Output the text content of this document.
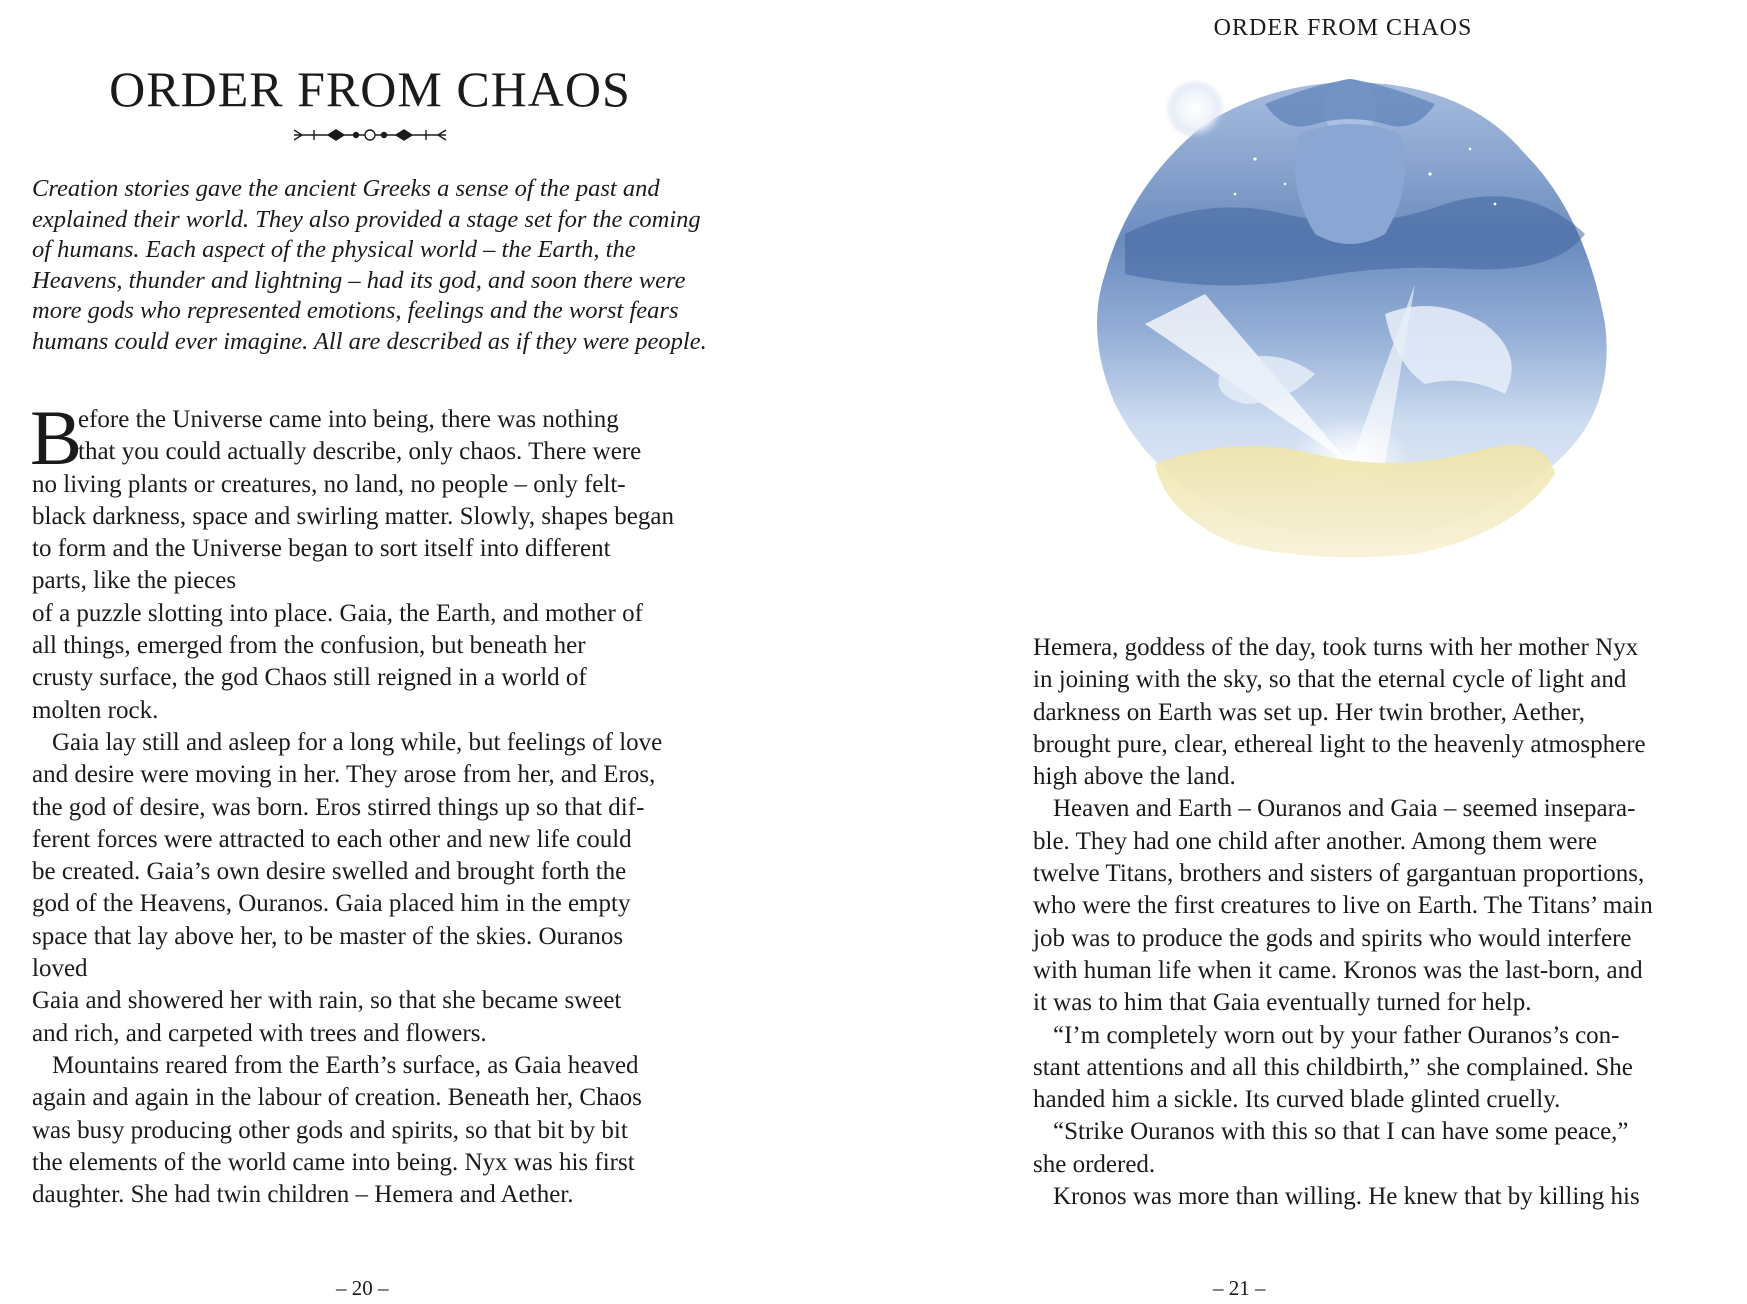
ORDER FROM CHAOS
Creation stories gave the ancient Greeks a sense of the past and
explained their world. They also provided a stage set for the coming
of humans. Each aspect of the physical world – the Earth, the
Heavens, thunder and lightning – had its god, and soon there were
more gods who represented emotions, feelings and the worst fears
humans could ever imagine. All are described as if they were people.
B
efore the Universe came into being, there was nothing
that you could actually describe, only chaos. There were
no living plants or creatures, no land, no people – only felt-
black darkness, space and swirling matter. Slowly, shapes began
to form and the Universe began to sort itself into different
parts, like the pieces
of a puzzle slotting into place. Gaia, the Earth, and mother of
all things, emerged from the confusion, but beneath her
crusty surface, the god Chaos still reigned in a world of
molten rock.
Gaia lay still and asleep for a long while, but feelings of love
and desire were moving in her. They arose from her, and Eros,
the god of desire, was born. Eros stirred things up so that dif-
ferent forces were attracted to each other and new life could
be created. Gaia’s own desire swelled and brought forth the
god of the Heavens, Ouranos. Gaia placed him in the empty
space that lay above her, to be master of the skies. Ouranos
loved
Gaia and showered her with rain, so that she became sweet
and rich, and carpeted with trees and flowers.
Mountains reared from the Earth’s surface, as Gaia heaved
again and again in the labour of creation. Beneath her, Chaos
was busy producing other gods and spirits, so that bit by bit
the elements of the world came into being. Nyx was his first
daughter. She had twin children – Hemera and Aether.
– 20 –
ORDER FROM CHAOS
Hemera, goddess of the day, took turns with her mother Nyx
in joining with the sky, so that the eternal cycle of light and
darkness on Earth was set up. Her twin brother, Aether,
brought pure, clear, ethereal light to the heavenly atmosphere
high above the land.
Heaven and Earth – Ouranos and Gaia – seemed insepara-
ble. They had one child after another. Among them were
twelve Titans, brothers and sisters of gargantuan proportions,
who were the first creatures to live on Earth. The Titans’ main
job was to produce the gods and spirits who would interfere
with human life when it came. Kronos was the last-born, and
it was to him that Gaia eventually turned for help.
“I’m completely worn out by your father Ouranos’s con-
stant attentions and all this childbirth,” she complained. She
handed him a sickle. Its curved blade glinted cruelly.
“Strike Ouranos with this so that I can have some peace,”
she ordered.
Kronos was more than willing. He knew that by killing his
– 21 –
